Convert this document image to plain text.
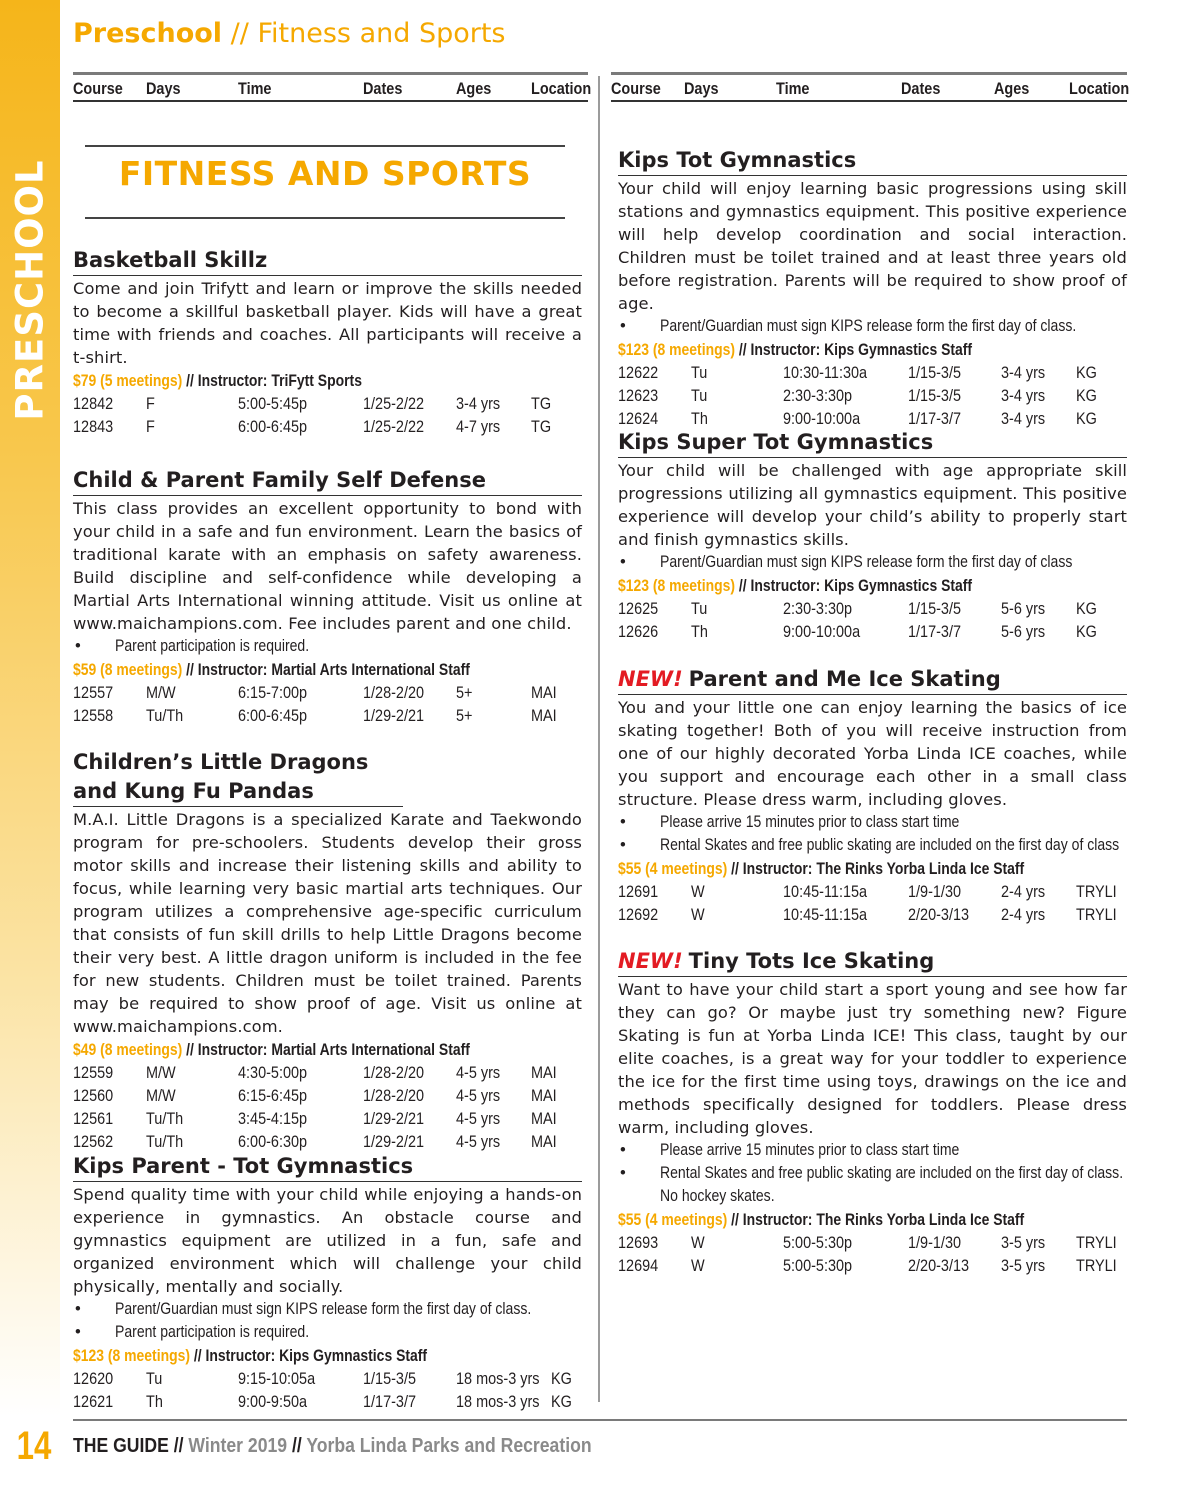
PRESCHOOL
14
Preschool // Fitness and Sports
Course Days	Time	Dates	Ages Location Course Days	Time	Dates	Ages Location
FITNESS AND SPORTS
Basketball Skillz
Come and join Trifytt and learn or improve the skills needed to become a skillful basketball player. Kids will have a great time with friends and coaches. All participants will receive a t-shirt.
$79 (5 meetings) // Instructor: TriFytt Sports
12842 F	5:00-5:45p	1/25-2/22 3-4 yrs TG
12843 F	6:00-6:45p	1/25-2/22 4-7 yrs TG
Child & Parent Family Self Defense
This class provides an excellent opportunity to bond with your child in a safe and fun environment. Learn the basics of traditional karate with an emphasis on safety awareness. Build discipline and self-confidence while developing a Martial Arts International winning attitude. Visit us online at www.maichampions.com. Fee includes parent and one child.
• Parent participation is required.
$59 (8 meetings) // Instructor: Martial Arts International Staff
12557 M/W	6:15-7:00p	1/28-2/20 5+	MAI
12558 Tu/Th	6:00-6:45p	1/29-2/21 5+	MAI
Children’s Little Dragons and Kung Fu Pandas
M.A.I. Little Dragons is a specialized Karate and Taekwondo program for pre-schoolers. Students develop their gross motor skills and increase their listening skills and ability to focus, while learning very basic martial arts techniques. Our program utilizes a comprehensive age-specific curriculum that consists of fun skill drills to help Little Dragons become their very best. A little dragon uniform is included in the fee for new students. Children must be toilet trained. Parents may be required to show proof of age. Visit us online at www.maichampions.com.
$49 (8 meetings) // Instructor: Martial Arts International Staff
12559 M/W	4:30-5:00p	1/28-2/20 4-5 yrs MAI
12560 M/W	6:15-6:45p	1/28-2/20 4-5 yrs MAI
12561 Tu/Th	3:45-4:15p	1/29-2/21 4-5 yrs MAI
12562 Tu/Th	6:00-6:30p	1/29-2/21 4-5 yrs MAI
Kips Parent - Tot Gymnastics
Spend quality time with your child while enjoying a hands-on experience in gymnastics. An obstacle course and gymnastics equipment are utilized in a fun, safe and organized environment which will challenge your child physically, mentally and socially.
• Parent/Guardian must sign KIPS release form the first day of class.
• Parent participation is required.
$123 (8 meetings) // Instructor: Kips Gymnastics Staff
12620 Tu	9:15-10:05a	1/15-3/5 18 mos-3 yrs KG
12621 Th	9:00-9:50a	1/17-3/7 18 mos-3 yrs KG
Kips Tot Gymnastics
Your child will enjoy learning basic progressions using skill stations and gymnastics equipment. This positive experience will help develop coordination and social interaction. Children must be toilet trained and at least three years old before registration. Parents will be required to show proof of age.
• Parent/Guardian must sign KIPS release form the first day of class.
$123 (8 meetings) // Instructor: Kips Gymnastics Staff
12622 Tu	10:30-11:30a 1/15-3/5 3-4 yrs KG
12623 Tu	2:30-3:30p	1/15-3/5 3-4 yrs KG
12624 Th	9:00-10:00a	1/17-3/7 3-4 yrs KG
Kips Super Tot Gymnastics
Your child will be challenged with age appropriate skill progressions utilizing all gymnastics equipment. This positive experience will develop your child’s ability to properly start and finish gymnastics skills.
• Parent/Guardian must sign KIPS release form the first day of class
$123 (8 meetings) // Instructor: Kips Gymnastics Staff
12625 Tu	2:30-3:30p	1/15-3/5 5-6 yrs KG
12626 Th	9:00-10:00a	1/17-3/7 5-6 yrs KG
NEW! Parent and Me Ice Skating
You and your little one can enjoy learning the basics of ice skating together! Both of you will receive instruction from one of our highly decorated Yorba Linda ICE coaches, while you support and encourage each other in a small class structure. Please dress warm, including gloves.
• Please arrive 15 minutes prior to class start time
• Rental Skates and free public skating are included on the first day of class
$55 (4 meetings) // Instructor: The Rinks Yorba Linda Ice Staff
12691 W	10:45-11:15a 1/9-1/30 2-4 yrs TRYLI
12692 W	10:45-11:15a 2/20-3/13 2-4 yrs TRYLI
NEW! Tiny Tots Ice Skating
Want to have your child start a sport young and see how far they can go? Or maybe just try something new? Figure Skating is fun at Yorba Linda ICE! This class, taught by our elite coaches, is a great way for your toddler to experience the ice for the first time using toys, drawings on the ice and methods specifically designed for toddlers. Please dress warm, including gloves.
• Please arrive 15 minutes prior to class start time
• Rental Skates and free public skating are included on the first day of class. No hockey skates.
$55 (4 meetings) // Instructor: The Rinks Yorba Linda Ice Staff
12693 W	5:00-5:30p	1/9-1/30 3-5 yrs TRYLI
12694 W	5:00-5:30p	2/20-3/13 3-5 yrs TRYLI
THE GUIDE // Winter 2019 // Yorba Linda Parks and Recreation
